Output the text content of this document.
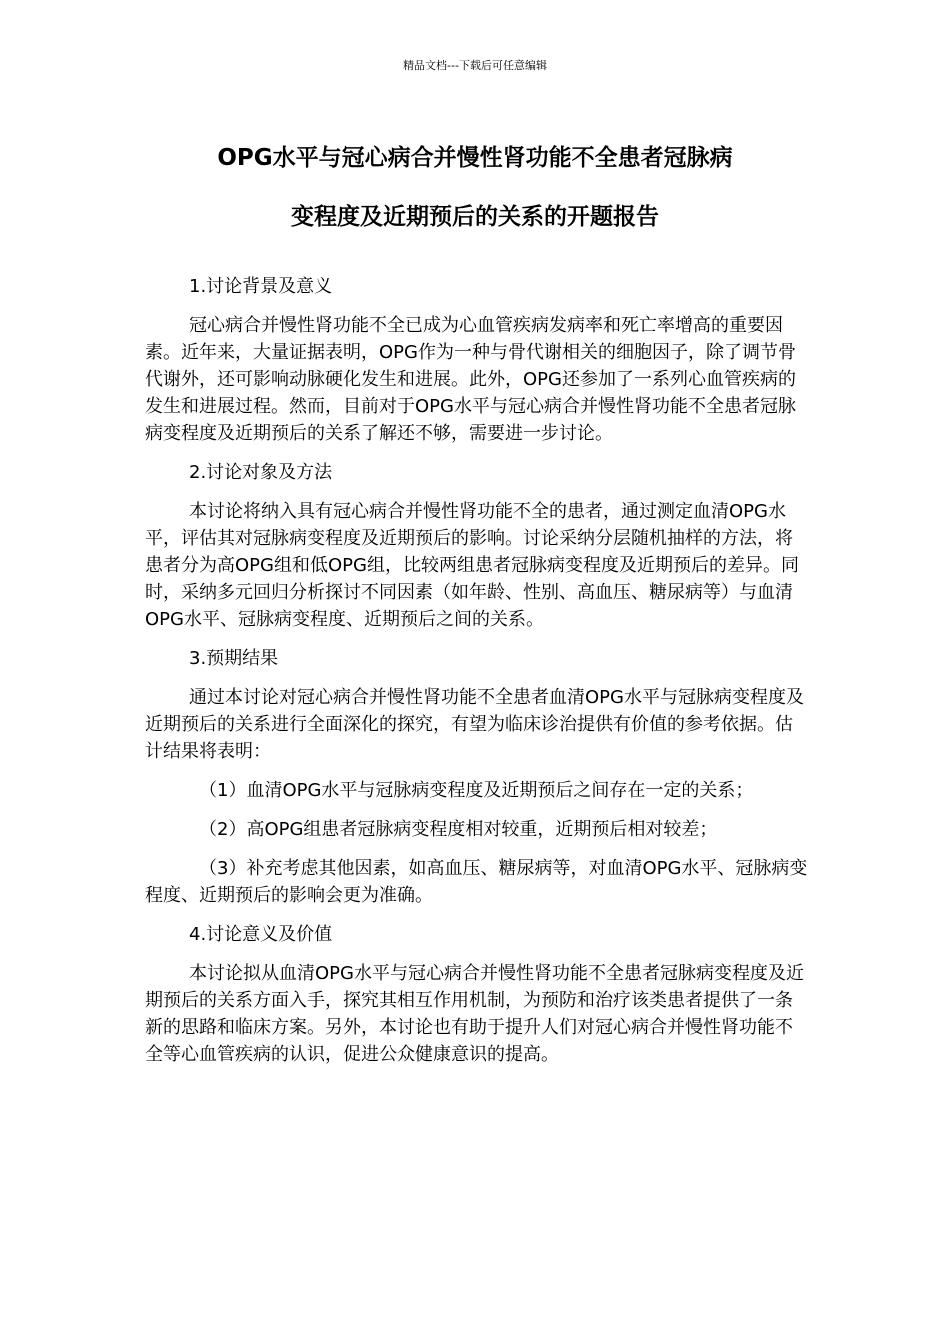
精品文档---下载后可任意编辑
OPG水平与冠心病合并慢性肾功能不全患者冠脉病
变程度及近期预后的关系的开题报告

1.讨论背景及意义

冠心病合并慢性肾功能不全已成为心血管疾病发病率和死亡率增高的重要因素。近年来，大量证据表明，OPG作为一种与骨代谢相关的细胞因子，除了调节骨代谢外，还可影响动脉硬化发生和进展。此外，OPG还参加了一系列心血管疾病的发生和进展过程。然而，目前对于OPG水平与冠心病合并慢性肾功能不全患者冠脉病变程度及近期预后的关系了解还不够，需要进一步讨论。

2.讨论对象及方法

本讨论将纳入具有冠心病合并慢性肾功能不全的患者，通过测定血清OPG水平，评估其对冠脉病变程度及近期预后的影响。讨论采纳分层随机抽样的方法，将患者分为高OPG组和低OPG组，比较两组患者冠脉病变程度及近期预后的差异。同时，采纳多元回归分析探讨不同因素（如年龄、性别、高血压、糖尿病等）与血清OPG水平、冠脉病变程度、近期预后之间的关系。

3.预期结果

通过本讨论对冠心病合并慢性肾功能不全患者血清OPG水平与冠脉病变程度及近期预后的关系进行全面深化的探究，有望为临床诊治提供有价值的参考依据。估计结果将表明：

（1）血清OPG水平与冠脉病变程度及近期预后之间存在一定的关系；

（2）高OPG组患者冠脉病变程度相对较重，近期预后相对较差；

（3）补充考虑其他因素，如高血压、糖尿病等，对血清OPG水平、冠脉病变程度、近期预后的影响会更为准确。

4.讨论意义及价值

本讨论拟从血清OPG水平与冠心病合并慢性肾功能不全患者冠脉病变程度及近期预后的关系方面入手，探究其相互作用机制，为预防和治疗该类患者提供了一条新的思路和临床方案。另外，本讨论也有助于提升人们对冠心病合并慢性肾功能不全等心血管疾病的认识，促进公众健康意识的提高。
